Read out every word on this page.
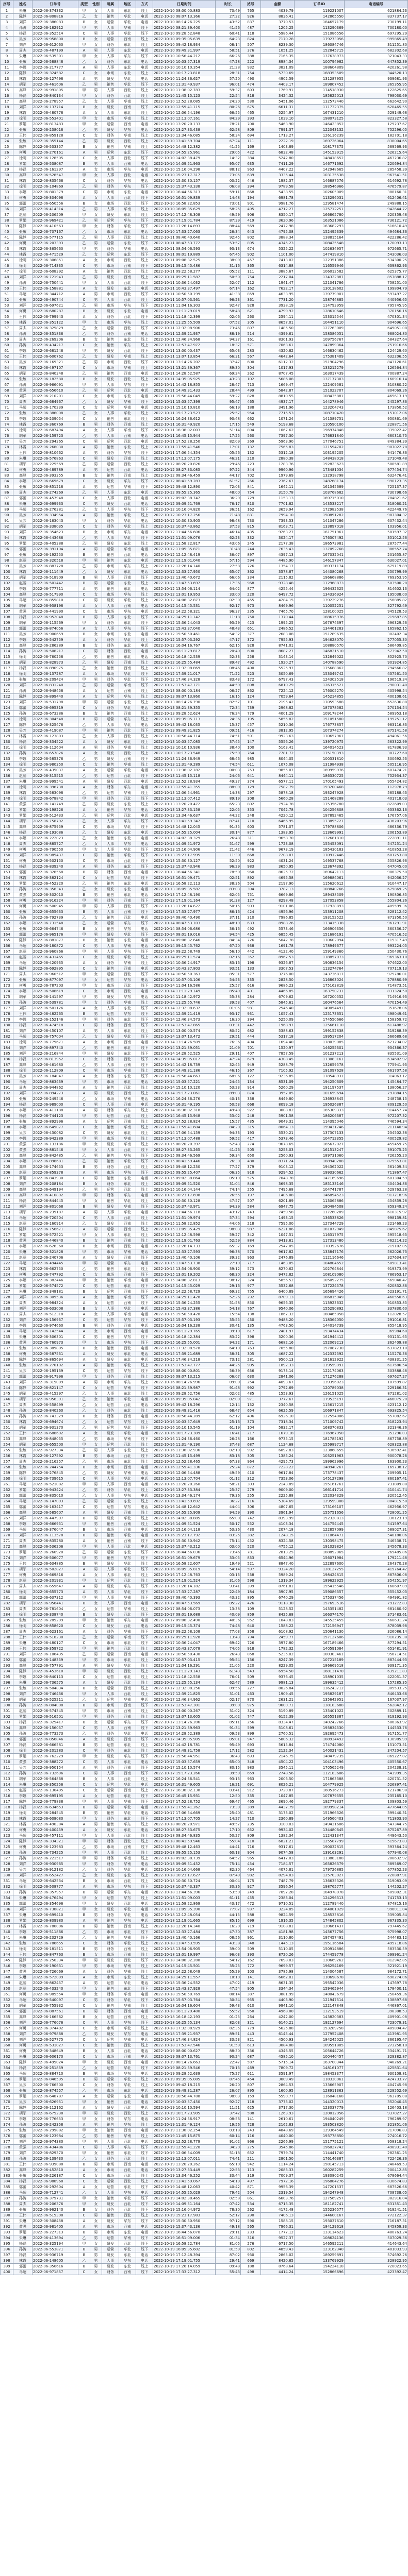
序号	姓名	订单号	类型	性别	所属	地区	方式	日期时间	时长	站号	金额	订单ID	电话编号
1	朱琳	2022-06-374332	甲	女	人事	东北	线上	2022-10-10 08:00:00.883	70:49	765	4039.79	119221007	621884.23
2	陈静	2022-06-808816	乙	女	销售	华北	电话	2022-10-10 08:07:13.366	27:22	926	8836.41	142865550	837737.17
3	刘洋	2022-06-386083	B	女	运营	华北	电话	2022-10-10 08:14:26.225	43:52	837	3770.53	184657179	730199.11
4	孙涛	2022-06-182912	甲	男	人事	华南	线下	2022-10-10 08:21:39.400	41:56	487	1205.25	113290369	700180.00
5	杨磊	2022-06-352514	C	男	人事	华北	线下	2022-10-10 09:28:52.848	60:41	118	5986.44	151086556	697295.29
6	吴芳	2022-06-958800	B	女	运营	西南	线上	2022-10-10 09:35:05.639	64:23	824	7170.28	179273056	995865.49
7	刘洋	2022-06-612060	甲	女	财务	东北	线上	2022-10-10 09:42:18.934	08:14	507	8239.30	186084746	311251.80
8	周杰	2022-06-487199	A	男	人事	东北	电话	2022-10-10 09:49:31.997	58:51	376	1051.25	152845715	682302.68
9	朱琳	2022-06-539301	甲	女	人事	华东	线下	2022-10-10 10:56:44.212	66:26	388	7165.35	137638973	321043.33
10	张敏	2022-06-588848	乙	女	财务	东北	电话	2022-10-10 10:03:57.319	47:28	222	8984.34	100794982	647852.39
11	李娜	2022-06-217777	A	男	人事	东北	电话	2022-10-10 10:10:10.354	21:28	932	3821.09	188604809	420261.98
12	陈静	2022-06-324582	C	女	市场	东北	线上	2022-10-10 10:17:23.818	28:31	754	5730.69	168353509	344520.13
13	林霞	2022-06-127498	A	男	研发	华北	电话	2022-10-10 11:24:36.627	57:20	490	4902.59	131287955	939681.93
14	胡军	2022-06-461606	乙	男	销售	华北	线下	2022-10-10 11:31:49.937	96:01	474	4403.17	189807452	365355.95
15	高峰	2022-06-991805	甲	男	人事	西北	线上	2022-10-10 11:38:02.783	59:37	603	1769.91	174518930	122625.65
16	杨磊	2022-06-840134	甲	女	财务	西北	线上	2022-10-10 11:45:15.123	22:54	818	3424.32	185825013	798030.69
17	高峰	2022-06-278957	乙	女	人事	华南	线上	2022-10-10 12:52:28.085	24:20	530	5451.06	132573440	662642.90
18	刘洋	2022-06-137714	B	女	研发	西南	线下	2022-10-10 12:59:41.115	80:26	675	6611.31	111732375	628465.55
19	林霞	2022-06-480778	A	女	人事	东北	线上	2022-10-10 12:06:54.196	66:55	465	5254.97	167431210	529149.68
20	徐明	2022-06-553401	甲	女	市场	华南	线上	2022-10-10 12:13:07.161	84:29	393	1039.10	198073125	823327.58
21	罗娟	2022-06-813483	甲	女	运营	西南	电话	2022-10-10 13:20:20.133	78:21	700	5463.90	146423852	129237.67
22	张敏	2022-06-238018	乙	男	研发	华东	电话	2022-10-10 13:27:33.438	62:58	809	7991.37	122043132	752296.05
23	王伟	2022-06-859128	C	女	财务	华南	线上	2022-10-10 13:34:46.085	58:34	694	1713.27	126116239	182701.18
24	张敏	2022-06-355144	乙	男	研发	西北	线上	2022-10-10 13:41:59.704	67:24	111	2222.19	169726064	838004.65
25	陈静	2022-06-533357	B	女	销售	华南	线上	2022-10-10 14:48:12.382	41:25	169	1403.89	108177375	569569.93
26	何勇	2022-06-270161	A	男	运营	东北	线下	2022-10-10 14:55:25.961	29:05	422	6832.48	145153915	526215.64
27	徐明	2022-06-128505	C	女	人事	西北	线下	2022-10-10 14:02:38.479	14:32	384	5242.80	148418652	463236.82
28	罗娟	2022-06-538087	B	男	人事	西南	电话	2022-10-10 14:09:51.963	95:07	635	7411.29	146771692	220694.84
29	杨磊	2022-06-161297	A	女	市场	华东	电话	2022-10-10 15:16:04.298	88:12	963	4407.22	142948665	285458.39
30	高峰	2022-06-528547	甲	女	人事	西北	电话	2022-10-10 15:23:17.317	73:05	639	3335.44	103135538	963541.51
31	林霞	2022-06-835466	C	女	财务	华东	电话	2022-10-10 15:30:30.157	00:22	446	1982.37	146887576	614692.78
32	徐明	2022-06-104869	乙	男	财务	华东	线下	2022-10-10 15:37:43.338	06:08	394	9789.58	188546966	476579.87
33	李娜	2022-06-801379	C	男	市场	东北	电话	2022-10-10 16:44:56.313	59:11	668	5438.55	102605009	388160.31
34	何勇	2022-06-304098	A	女	人事	西北	线下	2022-10-10 16:51:09.839	14:48	194	6981.78	113296031	612406.41
35	郭蕾	2022-06-650556	B	女	市场	西北	线下	2022-10-10 16:58:22.853	73:01	901	9981.76	129581474	249888.15
36	刘洋	2022-06-414314	乙	男	人事	华南	线上	2022-10-10 16:05:35.629	58:25	495	4712.27	125712251	942644.72
37	赵丽	2022-06-206509	甲	女	研发	东北	线上	2022-10-10 17:12:48.308	49:59	906	8350.17	166865780	520359.48
38	罗娟	2022-06-969421	乙	男	运营	华东	线下	2022-10-10 17:19:01.784	87:39	419	3620.96	163521086	736121.72
39	陈静	2022-06-410563	甲	女	财务	华北	线下	2022-10-10 17:26:14.893	88:44	569	2472.98	163682293	516610.49
40	张敏	2022-06-707167	乙	女	市场	东北	电话	2022-10-10 17:33:27.063	26:34	643	4795.08	152495339	494684.36
41	陈静	2022-06-577115	乙	男	人事	西北	线上	2022-10-11 08:40:40.640	92:45	802	3888.34	138815164	422286.42
42	何勇	2022-06-203393	乙	男	运营	东北	线下	2022-10-11 08:47:53.772	53:57	895	4345.23	108425548	170093.13
43	林霞	2022-06-365660	甲	男	财务	华南	电话	2022-10-11 08:54:06.593	93:13	674	5325.22	102634957	972665.71
44	林霞	2022-06-471529	乙	女	运营	东北	线下	2022-10-11 08:01:19.889	67:45	902	1101.00	147419810	543036.03
45	徐明	2022-06-306851	A	女	市场	西北	线上	2022-10-11 09:08:32.525	38:09	457	7413.02	122351386	534300.25
46	徐明	2022-06-714335	C	男	市场	西南	线下	2022-10-11 09:15:45.486	31:16	365	6314.88	116559946	639862.93
47	徐明	2022-06-608392	A	女	销售	西北	线上	2022-10-11 09:22:58.277	05:52	111	3885.67	106012582	625375.77
48	刘洋	2022-06-721943	乙	男	研发	西南	线上	2022-10-11 09:29:11.587	50:50	754	2217.04	134322887	857888.17
49	孙涛	2022-06-750441	甲	女	人事	西北	线下	2022-10-11 10:36:24.032	52:07	112	1941.47	121041786	758251.00
50	王伟	2022-06-158881	A	女	研发	东北	电话	2022-10-11 10:43:37.497	67:14	162	7622.17	130138602	199804.79
51	马超	2022-06-344712	A	男	市场	西北	线下	2022-10-11 10:50:50.199	41:38	859	4633.95	139779901	593497.27
52	张敏	2022-06-490744	C	男	人事	西北	线上	2022-10-11 10:57:03.561	96:23	361	7731.20	158744885	440956.65
53	刘洋	2022-06-697621	乙	男	市场	华东	线下	2022-10-11 11:04:16.303	92:47	928	3938.19	114793959	795745.95
54	何勇	2022-06-680287	B	女	研发	东北	电话	2022-10-11 11:11:29.019	58:48	621	4799.92	128610646	370156.16
55	王伟	2022-06-799943	A	女	财务	西北	线下	2022-10-11 11:18:42.399	02:06	260	2594.11	153015544	470301.34
56	林霞	2022-06-351122	甲	女	市场	华东	线上	2022-10-11 11:25:55.509	07:52	305	8657.01	104451110	904696.65
57	周杰	2022-06-325829	乙	女	运营	西北	线下	2022-10-11 12:32:08.906	73:46	807	1485.50	127263009	649051.08
58	孙涛	2022-06-351836	乙	男	财务	西南	电话	2022-10-11 12:39:21.937	88:19	514	4399.61	158386051	968024.80
59	周杰	2022-06-269306	B	女	销售	东北	线上	2022-10-11 12:46:34.968	94:37	161	8301.93	109756767	584327.64
60	孙涛	2022-06-434217	C	女	销售	华东	线上	2022-10-11 12:53:47.972	18:37	571	7063.61	147899364	751916.66
61	李娜	2022-06-681246	甲	男	研发	西北	线下	2022-10-11 13:00:00.437	65:03	283	4320.82	146830462	124429.60
62	王伟	2022-06-600762	乙	女	研发	华南	线上	2022-10-11 13:07:13.854	66:31	567	4642.64	175381409	632206.55
63	吴芳	2022-06-169321	乙	男	市场	西北	线下	2022-10-11 13:14:26.202	37:47	600	6112.32	151904296	843120.61
64	林霞	2022-06-497107	C	女	市场	华南	线上	2022-10-11 13:21:39.367	89:30	304	1017.93	133212279	126564.84
65	胡军	2022-06-840348	乙	男	销售	西南	电话	2022-10-11 14:28:52.587	69:24	262	8707.45	163017439	700887.24
66	张敏	2022-06-182580	B	女	研发	西北	线上	2022-10-11 14:35:05.925	43:23	102	5686.08	137177303	160916.14
67	孙涛	2022-06-966091	甲	男	人事	华东	线下	2022-10-11 14:42:18.855	28:47	713	1669.47	122409581	310880.22
68	黄强	2022-06-656610	乙	男	运营	西北	电话	2022-10-11 14:49:31.433	28:44	499	5842.87	151022707	804069.36
69	刘洋	2022-06-210201	C	女	市场	东北	电话	2022-10-11 15:56:44.049	59:27	828	8810.55	108435881	465613.19
70	周杰	2022-06-684967	乙	女	研发	华南	线下	2022-10-11 15:03:57.399	95:47	465	4937.17	144278946	245297.86
71	马超	2022-06-170239	C	女	运营	华南	电话	2022-10-11 15:10:10.810	66:19	188	3491.96	123204743	173850.52
72	张敏	2022-06-386008	乙	女	人事	华北	线上	2022-10-11 15:17:23.523	25:57	954	7715.53	108710420	151012.06
73	李娜	2022-06-209054	C	女	销售	东北	线上	2022-10-11 16:24:36.612	90:48	662	1071.24	141389751	950861.69
74	林霞	2022-06-360769	B	男	财务	西南	线上	2022-10-11 16:31:49.920	17:15	549	5198.68	110590100	228871.56
75	徐明	2022-06-687494	A	女	人事	华南	线下	2022-10-11 16:38:02.003	51:14	894	1067.62	196974848	339022.42
76	胡军	2022-06-159723	乙	男	人事	西南	电话	2022-10-11 16:45:15.944	17:25	560	7397.30	176831840	660310.75
77	吴芳	2022-06-294365	C	男	运营	西北	电话	2022-10-11 17:52:28.250	82:09	269	5963.90	177046751	849384.39
78	林霞	2022-06-268030	A	男	销售	东北	线上	2022-10-11 17:59:41.546	17:01	132	7565.83	121594702	907022.78
79	王伟	2022-06-810662	A	男	财务	华东	线下	2022-10-11 17:06:54.354	05:56	132	5312.18	103195205	941476.86
80	朱琳	2022-06-576863	C	男	研发	西南	线上	2022-10-11 17:13:07.175	46:21	210	2880.38	148438018	271049.48
81	胡军	2022-06-225569	乙	男	运营	西北	线上	2022-10-12 08:20:20.826	29:46	223	1283.76	192823623	588581.89
82	何勇	2022-06-489789	A	男	运营	西北	电话	2022-10-12 08:27:33.085	97:22	344	9960.96	173481034	977454.74
83	高峰	2022-06-393355	B	女	销售	西南	线上	2022-10-12 08:34:46.459	44:17	702	1979.69	132918798	632476.41
84	李娜	2022-06-669679	C	女	研发	华东	线下	2022-10-12 08:41:59.283	61:57	266	2362.67	148268174	990123.35
85	张敏	2022-06-851218	A	男	运营	华南	线下	2022-10-12 09:48:12.890	72:03	841	1642.11	161345689	725137.37
86	周杰	2022-06-274269	乙	男	人事	东北	电话	2022-10-12 09:55:25.365	48:00	754	3150.78	103768682	730798.66
87	郭蕾	2022-06-457948	C	女	人事	西北	电话	2022-10-12 09:02:38.747	36:29	729	1153.13	169715010	784821.62
88	朱琳	2022-06-699933	C	男	研发	西北	电话	2022-10-12 09:09:51.769	76:17	810	7701.82	143533217	318060.21
89	马超	2022-06-276381	乙	女	人事	华东	线下	2022-10-12 10:16:04.820	36:51	162	3659.94	172983538	422449.76
90	吴芳	2022-06-334954	A	男	销售	华北	线上	2022-10-12 10:23:17.256	71:48	831	7994.10	150891282	987304.32
91	吴芳	2022-06-163043	甲	女	财务	华北	电话	2022-10-12 10:30:30.905	98:48	730	7393.53	141047286	607432.44
92	胡军	2022-06-338035	C	女	财务	华北	线上	2022-10-12 10:37:43.862	37:53	815	8163.71	133897018	103956.01
93	刘洋	2022-06-354623	B	女	市场	华东	电话	2022-10-12 11:44:56.606	46:14	435	9263.27	161751961	581597.32
94	林霞	2022-06-443686	乙	男	人事	华北	线下	2022-10-12 11:51:09.076	62:23	332	3024.17	176307492	351012.56
95	罗娟	2022-06-405388	乙	男	研发	东北	线上	2022-10-12 11:58:22.817	43:06	245	2177.38	186573981	287577.44
96	郭蕾	2022-06-391104	A	男	运营	华南	电话	2022-10-12 11:05:35.871	31:48	244	7635.43	137092768	386552.74
97	张敏	2022-06-192250	B	男	销售	西北	电话	2022-10-12 12:12:48.419	36:07	897	4397.13	167032041	201655.87
98	赵丽	2022-06-320518	甲	男	销售	东北	电话	2022-10-12 12:19:01.040	57:15	594	4485.90	146157347	630027.01
99	吴芳	2022-06-883728	乙	男	市场	华东	线上	2022-10-12 12:26:14.140	27:58	726	1354.17	169331174	679119.89
100	林霞	2022-06-111449	乙	女	研发	东北	电话	2022-10-12 12:33:27.950	65:07	362	3578.87	144080268	250799.99
101	胡军	2022-06-518909	B	男	人事	西南	线下	2022-10-12 13:40:40.672	66:06	334	2115.82	196668886	769353.95
102	赵丽	2022-06-501442	B	男	运营	东北	线上	2022-10-12 13:47:53.697	17:36	968	9328.48	112968873	503500.28
103	李娜	2022-06-777711	A	男	销售	东北	电话	2022-10-12 13:54:06.114	64:02	877	4255.44	196432625	814602.13
104	高峰	2022-06-517990	C	女	市场	华东	线上	2022-10-12 13:01:19.953	33:00	220	6497.72	134336924	195038.00
105	马超	2022-06-855810	C	男	研发	华北	线上	2022-10-12 14:08:32.873	02:30	455	4284.15	139229276	756885.82
106	胡军	2022-06-938198	A	女	人事	西南	电话	2022-10-12 14:15:45.531	92:17	973	8469.96	110052251	327792.49
107	黄强	2022-06-441990	C	女	市场	华东	电话	2022-10-12 14:22:58.321	96:37	235	7465.70	128100025	945128.53
108	杨磊	2022-06-952048	B	男	人事	东北	线下	2022-10-12 14:29:11.142	11:18	750	1370.44	188615976	219687.85
109	胡军	2022-06-115569	甲	女	财务	东北	线下	2022-10-12 15:36:24.043	93:29	423	1995.25	167674397	596329.56
110	郭蕾	2022-06-874056	A	女	人事	华东	线下	2022-10-12 15:43:37.040	48:43	651	2486.52	134461283	165862.15
111	吴芳	2022-06-900659	B	女	市场	东北	电话	2022-10-12 15:50:50.461	54:32	377	2683.08	151289635	302402.34
112	李娜	2022-06-542759	A	女	财务	华北	线上	2022-10-12 15:57:03.292	47:17	372	7955.93	194628070	277055.30
113	高峰	2022-06-286289	B	女	财务	东北	电话	2022-10-12 16:04:16.767	62:15	928	8741.01	108880570	586409.85
114	孙涛	2022-06-508217	C	男	财务	西北	电话	2022-10-12 16:11:29.817	20:40	690	8687.27	146821510	573942.58
115	徐明	2022-06-760258	乙	男	销售	东北	电话	2022-10-12 16:18:42.539	52:33	258	3143.14	132849022	852925.70
116	胡军	2022-06-828973	乙	男	研发	西南	线上	2022-10-12 16:25:55.484	89:47	492	1920.27	140788590	901924.85
117	杨磊	2022-06-890975	乙	女	销售	西南	线上	2022-10-12 17:32:08.869	08:46	400	5525.97	175688862	794566.82
118	徐明	2022-06-137287	A	女	市场	华北	线下	2022-10-12 17:39:21.017	71:22	523	3050.69	153049742	437561.50
119	张敏	2022-06-209424	甲	男	财务	华北	线下	2022-10-12 17:46:34.328	83:43	172	6797.43	124302518	196519.34
120	刘洋	2022-06-831240	乙	男	运营	华南	线下	2022-10-12 17:53:47.171	44:59	898	6810.29	126315521	290031.40
121	孙涛	2022-06-948458	A	女	运营	西南	线上	2022-10-13 08:00:00.184	06:27	862	7224.12	176005270	405998.54
122	陈静	2022-06-899440	A	女	运营	华东	线上	2022-10-13 08:07:13.860	16:15	124	7059.64	145214855	400108.61
123	刘洋	2022-06-531798	甲	男	运营	东北	线上	2022-10-13 08:14:26.790	82:57	101	2195.42	170593588	652636.88
124	郭蕾	2022-06-695319	C	女	财务	华北	电话	2022-10-13 08:21:39.355	72:34	739	2968.82	187078582	270134.54
125	孙涛	2022-06-673286	B	女	销售	西南	线上	2022-10-13 09:28:52.624	76:24	779	4001.29	109178244	589953.18
126	徐明	2022-06-304548	B	男	运营	华东	线上	2022-10-13 09:35:05.113	24:36	195	5855.82	151051580	199251.12
127	陈静	2022-06-325476	乙	男	人事	华北	电话	2022-10-13 09:42:18.035	15:37	457	5210.36	176773857	983116.83
128	吴芳	2022-06-419087	甲	男	销售	西北	线下	2022-10-13 09:49:31.825	09:51	416	3812.95	107374274	875141.58
129	林霞	2022-06-123803	乙	女	人事	西北	线上	2022-10-13 10:56:44.714	74:51	591	9923.63	170657967	494061.56
130	杨磊	2022-06-334522	A	女	研发	东北	线上	2022-10-13 10:03:57.085	37:45	147	5556.26	139720975	563322.99
131	徐明	2022-06-112604	A	男	财务	华南	线上	2022-10-13 10:10:10.936	38:40	100	5163.41	164014523	817836.93
132	孙涛	2022-06-657826	A	女	研发	西北	线上	2022-10-13 10:17:23.548	75:59	764	7781.72	175150393	387727.68
133	李娜	2022-06-585376	乙	男	研发	西南	线下	2022-10-13 11:24:36.949	68:46	985	8044.05	100331810	300692.53
134	徐明	2022-06-980350	C	女	销售	华南	线上	2022-10-13 11:31:49.289	74:54	611	1075.08	131984938	505116.95
135	吴芳	2022-06-435037	A	女	运营	华北	电话	2022-10-13 11:38:02.182	00:03	753	9855.07	169959976	607474.21
136	赵丽	2022-06-315515	乙	男	运营	西北	线下	2022-10-13 11:45:15.118	24:06	641	8444.11	186330725	752934.37
137	朱琳	2022-06-999541	A	男	研发	西北	电话	2022-10-13 12:52:28.934	49:37	374	6577.11	170165493	955424.82
138	徐明	2022-06-396738	A	女	财务	华东	电话	2022-10-13 12:59:41.355	88:09	129	7582.79	193200468	112978.79
139	林霞	2022-06-583098	乙	男	运营	华南	线上	2022-10-13 12:06:54.961	14:38	297	5878.18	193247928	585188.43
140	徐明	2022-06-678842	甲	男	财务	西北	线下	2022-10-13 12:13:07.412	89:19	308	5660.28	151468288	401718.03
141	黄强	2022-06-141749	乙	男	研发	东北	线上	2022-10-13 13:20:20.472	65:23	802	7924.78	175356780	822609.03
142	罗娟	2022-06-198226	A	女	销售	华东	电话	2022-10-13 13:27:33.158	22:05	353	7042.78	104256808	633362.16
143	罗娟	2022-06-512433	乙	男	运营	西北	电话	2022-10-13 13:34:46.637	44:22	248	4220.12	197892465	176757.06
144	胡军	2022-06-758792	乙	女	人事	华东	线下	2022-10-13 13:41:59.347	87:41	710	6466.95	173895727	436203.96
145	高峰	2022-06-875959	C	男	市场	华北	线下	2022-10-13 14:48:12.045	91:35	603	5781.07	179788806	486336.79
146	杨磊	2022-06-193086	乙	女	研发	东北	电话	2022-10-13 14:55:25.004	30:14	877	1383.95	113669991	206153.89
147	李娜	2022-06-222023	乙	女	销售	东北	电话	2022-10-13 14:02:38.329	26:48	311	9658.70	132681810	222891.11
148	周杰	2022-06-885727	乙	女	人事	华东	电话	2022-10-13 14:09:51.972	51:47	599	1723.08	155453091	547251.24
149	何勇	2022-06-790550	甲	女	人事	华北	线下	2022-10-13 15:16:04.906	21:42	446	9673.19	185430183	410853.28
150	刘洋	2022-06-985437	C	男	销售	华北	线下	2022-10-13 15:23:17.995	11:30	668	7208.07	170912446	601253.88
151	何勇	2022-06-502150	C	男	市场	西北	线下	2022-10-13 15:30:30.127	52:50	922	4031.24	149537768	555826.96
152	杨磊	2022-06-839240	A	男	财务	东北	线下	2022-10-13 15:37:43.946	96:29	983	3650.95	123674392	647045.00
153	郭蕾	2022-06-328568	B	男	财务	西南	电话	2022-10-13 16:44:56.341	78:50	960	8625.72	169642113	986375.50
154	林霞	2022-06-382124	C	女	运营	华北	线下	2022-10-13 16:51:09.471	02:51	892	4695.58	169884061	942036.27
155	罗娟	2022-06-452320	乙	男	销售	东北	电话	2022-10-13 16:58:22.113	38:36	504	2197.90	115620612	910447.17
156	孙涛	2022-06-358343	乙	女	研发	东北	电话	2022-10-13 16:05:35.582	83:03	394	3787.13	108840766	679869.25
157	黄强	2022-06-302010	B	男	销售	东北	电话	2022-10-13 17:12:48.190	62:05	751	6669.86	189438509	190806.85
158	何勇	2022-06-916224	甲	男	财务	西南	线下	2022-10-13 17:19:01.164	91:38	127	8298.48	137053858	555804.36
159	何勇	2022-06-500945	甲	男	人事	西北	线下	2022-10-13 17:26:14.622	50:15	903	9101.06	137928893	405599.36
160	张敏	2022-06-655633	B	男	人事	西南	线下	2022-10-13 17:33:27.977	86:16	424	4956.96	153911208	328112.42
161	孙涛	2022-06-792739	乙	女	销售	西北	电话	2022-10-14 08:40:40.490	37:11	310	7986.85	193152522	871350.50
162	李娜	2022-06-731548	乙	女	运营	华东	线下	2022-10-14 08:47:53.103	48:19	633	8988.26	173415338	961291.91
163	张敏	2022-06-664746	B	女	销售	华东	电话	2022-10-14 08:54:06.686	36:16	492	5573.46	166906356	360336.27
164	郭蕾	2022-06-965176	甲	男	研发	华北	线下	2022-10-14 08:01:19.016	94:54	425	6855.45	151686191	470516.52
165	陈静	2022-06-881877	B	女	销售	东北	电话	2022-10-14 09:08:32.646	84:34	726	5042.78	170602094	115317.49
166	马超	2022-06-180872	C	男	人事	华南	电话	2022-10-14 09:15:45.762	67:20	938	1691.78	178949677	993224.05
167	赵丽	2022-06-960866	甲	男	人事	华东	线下	2022-10-14 09:22:58.749	56:10	442	4122.40	159149360	250430.76
168	赵丽	2022-06-431465	C	女	研发	华北	线上	2022-10-14 09:29:11.574	02:16	352	8967.53	118857073	969363.10
169	马超	2022-06-420935	A	女	财务	华南	线上	2022-10-14 10:36:24.917	83:16	198	9326.87	190836154	974622.00
170	陈静	2022-06-692895	C	女	销售	西南	电话	2022-10-14 10:43:37.803	93:51	133	3307.53	113274764	707119.13
171	周杰	2022-06-960512	甲	女	运营	西北	线下	2022-10-14 10:50:50.363	85:31	577	3276.00	143736817	975786.01
172	张敏	2022-06-877097	甲	女	运营	华东	电话	2022-10-14 10:57:03.106	54:53	335	2828.50	116863024	278880.99
173	何勇	2022-06-787203	甲	女	市场	西北	线下	2022-10-14 11:04:16.586	25:57	616	9686.23	175163819	714873.51
174	李娜	2022-06-508619	C	女	市场	西北	电话	2022-10-14 11:11:29.149	85:49	401	4466.85	163750731	831324.50
175	胡军	2022-06-141597	甲	男	研发	华东	电话	2022-10-14 11:18:42.972	55:38	284	6709.62	167200552	714916.93
176	孙涛	2022-06-539781	甲	女	财务	华南	线上	2022-10-14 11:25:55.746	39:53	407	5845.61	160476564	470154.49
177	刘洋	2022-06-501126	A	女	人事	东北	线下	2022-10-14 12:32:08.637	01:05	981	2546.40	149054491	351678.06
178	王伟	2022-06-482265	B	男	运营	华东	线下	2022-10-14 12:39:21.419	93:17	931	1057.43	125173651	498049.61
179	李娜	2022-06-152146	甲	男	财务	东北	线下	2022-10-14 12:46:34.573	16:30	394	5250.09	174550666	158359.72
180	杨磊	2022-06-474518	C	男	财务	西南	线下	2022-10-14 12:53:47.865	03:31	442	1968.97	125661110	617488.97
181	刘洋	2022-06-450107	A	男	人事	东北	线上	2022-10-14 13:00:00.574	80:52	682	5388.63	199152838	319288.39
182	马超	2022-06-757004	乙	女	研发	华北	线下	2022-10-14 13:07:13.472	29:51	444	5317.18	199517204	566689.68
183	徐明	2022-06-779671	A	女	市场	西南	电话	2022-10-14 13:14:26.509	76:36	404	1694.40	178039085	621234.07
184	刘洋	2022-06-897340	乙	男	销售	东北	线下	2022-10-14 13:21:39.051	21:09	701	1520.97	146255301	934366.37
185	刘洋	2022-06-216844	甲	男	研发	东北	线下	2022-10-14 14:28:52.525	29:11	407	7857.59	101237213	835531.09
186	杨磊	2022-06-813952	C	女	财务	西北	线下	2022-10-14 14:35:05.017	47:24	679	4308.45	173083161	634602.97
187	高峰	2022-06-461680	乙	男	人事	西南	线下	2022-10-14 14:42:18.739	32:45	949	5288.79	132659578	775941.93
188	徐明	2022-06-112809	C	男	市场	华南	线上	2022-10-14 14:49:31.186	46:15	367	7105.92	191097628	661707.58
189	吴芳	2022-06-184047	A	女	财务	东北	线下	2022-10-14 15:56:44.663	68:06	122	9236.85	178548931	314063.12
190	马超	2022-06-863439	甲	男	市场	东北	电话	2022-10-14 15:03:57.221	24:45	134	8531.09	194250609	145484.77
191	周杰	2022-06-944862	A	女	销售	西北	线上	2022-10-14 15:10:10.120	53:23	914	5260.29	191197537	138056.27
192	刘洋	2022-06-894273	A	男	研发	西南	线上	2022-10-14 15:17:23.061	89:03	874	3957.05	101659694	797884.15
193	张敏	2022-06-249546	乙	女	市场	华南	电话	2022-10-14 16:24:36.276	40:13	338	8449.80	136938845	248738.15
194	杨磊	2022-06-989000	C	男	人事	西南	电话	2022-10-14 16:31:49.195	50:53	668	8099.18	195026387	809129.50
195	李娜	2022-06-411188	A	男	财务	华东	线上	2022-10-14 16:38:02.318	49:48	922	3008.82	165309333	914457.74
196	杨磊	2022-06-744123	甲	男	运营	西北	线上	2022-10-14 16:45:15.948	53:02	248	5901.58	186206387	972207.32
197	张敏	2022-06-892996	A	女	运营	西南	线上	2022-10-14 17:52:28.824	15:57	435	9049.31	114395046	746594.34
198	李娜	2022-06-649077	C	女	销售	华南	线上	2022-10-14 17:59:41.604	84:20	315	8064.13	159431746	211140.94
199	吴芳	2022-06-430082	C	男	研发	东北	线上	2022-10-14 17:06:54.159	94:33	193	3530.21	137307133	234502.38
200	李娜	2022-06-942389	甲	男	市场	华南	线上	2022-10-14 17:13:07.488	59:52	417	5373.46	104712355	400529.82
201	黄强	2022-06-133186	甲	女	研发	华南	线上	2022-10-15 08:20:20.397	52:43	274	9678.65	165672027	455459.75
202	黄强	2022-06-881546	甲	女	人事	西北	线下	2022-10-15 08:27:33.265	41:26	505	3253.03	161513247	391075.25
203	高峰	2022-06-842485	乙	男	销售	华东	线下	2022-10-15 08:34:46.569	59:34	650	2560.93	189731060	726255.20
204	李娜	2022-06-898681	乙	男	销售	华北	线下	2022-10-15 08:41:59.446	26:30	480	8371.24	188940288	879553.81
205	高峰	2022-06-174653	B	男	财务	西北	线上	2022-10-15 09:48:12.230	77:27	379	9103.12	194362022	561409.34
206	赵丽	2022-06-859378	A	男	市场	华东	线下	2022-10-15 09:55:25.407	06:35	918	9294.52	199330662	711867.47
207	罗娟	2022-06-843930	C	男	销售	东北	电话	2022-10-15 09:02:38.864	05:19	575	7048.78	147169696	601304.59
208	刘洋	2022-06-208184	B	女	财务	东北	线上	2022-10-15 09:09:51.520	31:04	846	3698.35	185133146	404404.86
209	高峰	2022-06-649194	乙	男	运营	西北	线上	2022-10-15 10:16:04.144	74:14	255	7495.68	104741787	529763.28
210	高峰	2022-06-410892	甲	男	财务	华东	电话	2022-10-15 10:23:17.698	26:55	197	1406.08	146894523	917218.96
211	杨磊	2022-06-844445	甲	女	销售	华北	线上	2022-10-15 10:30:30.128	47:57	507	6201.89	113065886	454859.28
212	刘洋	2022-06-801068	B	男	研发	华南	线下	2022-10-15 10:37:43.971	94:39	584	6947.75	180484508	859349.24
213	胡军	2022-06-239187	A	男	人事	华北	电话	2022-10-15 11:44:56.118	43:12	743	7459.58	117260289	610315.97
214	马超	2022-06-720504	C	男	人事	西北	线上	2022-10-15 11:51:09.974	57:34	594	1493.15	136533826	998139.81
215	赵丽	2022-06-160914	乙	女	研发	西南	线上	2022-10-15 11:58:22.852	44:06	218	7595.00	127344729	221469.23
216	陈静	2022-06-756671	A	男	运营	西南	线上	2022-10-15 11:05:35.429	98:03	987	6221.86	181072949	845875.62
217	罗娟	2022-06-572521	甲	女	人事	东北	线上	2022-10-15 12:12:48.598	59:27	342	1047.51	116317975	595518.63
218	黄强	2022-06-446840	B	女	销售	西南	线上	2022-10-15 12:19:01.763	52:59	884	9413.61	117313480	462214.22
219	李娜	2022-06-626360	B	女	市场	西北	电话	2022-10-15 12:26:14.733	65:37	169	2547.05	170392676	219102.05
220	朱琳	2022-06-321828	甲	男	市场	华南	电话	2022-10-15 12:33:27.593	96:38	570	9617.82	133847176	562026.73
221	赵丽	2022-06-240706	A	女	研发	西南	线下	2022-10-15 13:40:40.106	39:32	963	2476.89	112116646	327634.87
222	马超	2022-06-494445	甲	男	运营	华东	电话	2022-10-15 13:47:53.738	27:19	717	1463.05	104804652	589813.41
223	林霞	2022-06-662750	乙	男	销售	东北	线上	2022-10-15 13:54:06.900	39:12	573	8270.62	102764844	919373.99
224	何勇	2022-06-747792	C	女	市场	西南	线下	2022-10-15 13:01:19.202	68:30	324	9472.82	108109080	786953.17
225	李娜	2022-06-382446	甲	女	销售	华南	电话	2022-10-15 14:08:32.813	98:12	324	5856.52	105092275	565040.47
226	罗娟	2022-06-574572	C	男	运营	东北	线下	2022-10-15 14:15:45.029	29:16	977	3532.68	137224578	620832.86
227	朱琳	2022-06-348181	B	女	运营	西南	线下	2022-10-15 14:22:58.729	69:32	755	6400.89	165694426	523191.71
228	刘洋	2022-06-309536	A	女	销售	华南	线下	2022-10-15 14:29:11.428	52:26	292	8709.13	186815049	460550.63
229	周杰	2022-06-984324	A	女	运营	西南	线下	2022-10-15 15:36:24.255	51:58	850	9656.35	113923632	910853.85
230	刘洋	2022-06-633008	B	女	人事	华北	电话	2022-10-15 15:43:37.386	54:18	767	9540.06	155290892	337830.60
231	周杰	2022-06-512318	A	女	人事	华南	电话	2022-10-15 15:50:50.428	15:54	138	1867.32	180465858	112028.57
232	刘洋	2022-06-156937	C	男	运营	华东	线下	2022-10-15 15:57:03.193	35:55	430	9488.20	118364050	291016.81
233	李娜	2022-06-974660	B	男	财务	西南	电话	2022-10-15 16:04:16.238	30:41	135	4763.50	144014739	855418.95
234	马超	2022-06-142544	A	女	市场	西南	电话	2022-10-15 16:11:29.765	39:10	617	2481.97	193474434	369984.68
235	朱琳	2022-06-306301	C	男	销售	华东	线下	2022-10-15 16:18:42.384	83:22	398	3200.36	161944412	931231.65
236	黄强	2022-06-760973	甲	女	市场	华东	线下	2022-10-15 16:25:55.001	94:22	171	6682.16	152069213	362409.88
237	张敏	2022-06-389805	B	女	销售	西北	电话	2022-10-15 17:32:08.578	64:10	763	7055.80	157087730	637823.10
238	何勇	2022-06-587531	A	女	研发	东北	电话	2022-10-15 17:39:21.689	38:31	305	4687.22	142332592	115270.36
239	陈静	2022-06-865694	A	女	研发	东北	电话	2022-10-15 17:46:34.218	73:12	281	9500.13	181612922	438331.25
240	张敏	2022-06-270192	A	男	销售	华北	线上	2022-10-15 17:53:47.777	44:25	905	1892.33	119559991	617586.54
241	吴芳	2022-06-195139	C	男	运营	华东	线下	2022-10-16 08:00:00.801	56:39	636	9173.14	122174063	303888.48
242	郭蕾	2022-06-917996	甲	女	财务	西南	线上	2022-10-16 08:07:13.215	06:07	630	2841.06	171276288	697627.27
243	刘洋	2022-06-315009	A	男	市场	华东	线上	2022-10-16 08:14:26.996	09:00	254	4093.67	139396023	107599.87
244	陈静	2022-06-821147	C	女	运营	华南	线下	2022-10-16 08:21:39.987	91:48	992	2792.69	120789038	229166.31
245	胡军	2022-06-415297	乙	女	人事	东北	线上	2022-10-16 09:28:52.756	02:02	485	1553.93	126151025	871281.02
246	胡军	2022-06-956391	乙	女	销售	华北	电话	2022-10-16 09:35:05.042	02:09	971	3772.67	179535197	466075.20
247	周杰	2022-06-558499	乙	女	运营	西北	电话	2022-10-16 09:42:18.296	12:14	132	2340.58	115617215	423112.12
248	孙涛	2022-06-840260	乙	女	财务	东北	线上	2022-10-16 09:49:31.416	68:47	654	6625.59	106971847	693825.54
249	孙涛	2022-06-743329	B	女	财务	西南	电话	2022-10-16 10:56:44.289	62:12	406	6926.10	122554006	557082.67
250	林霞	2022-06-694674	乙	女	运营	华东	线上	2022-10-16 10:03:57.649	25:16	373	7318.34	171009742	818223.94
251	胡军	2022-06-931370	乙	男	运营	华北	线下	2022-10-16 10:10:10.545	61:19	104	5832.17	168370833	321346.36
252	王伟	2022-06-688692	A	女	研发	华北	电话	2022-10-16 10:17:23.309	16:41	217	1679.18	176967950	353296.03
253	高峰	2022-06-848055	乙	男	市场	华南	线下	2022-10-16 11:24:36.460	26:28	166	9735.15	181785192	867758.89
254	胡军	2022-06-655500	甲	女	运营	西北	线上	2022-10-16 11:31:49.190	37:43	687	1124.68	155989717	628323.88
255	张敏	2022-06-927334	乙	男	人事	东北	线上	2022-10-16 11:38:02.936	02:10	992	6092.83	123868655	536592.41
256	林霞	2022-06-127592	B	男	市场	西北	线下	2022-10-16 11:45:15.499	83:18	305	1385.24	103251963	900078.26
257	周杰	2022-06-216257	乙	男	市场	东北	线上	2022-10-16 12:52:28.465	67:33	964	4295.73	199962996	163900.23
258	张敏	2022-06-244754	B	女	市场	西南	电话	2022-10-16 12:59:41.336	25:24	872	7228.22	148940267	169738.12
259	陈静	2022-06-276845	乙	男	研发	华南	电话	2022-10-16 12:06:54.488	49:59	410	9617.84	173778437	209905.11
260	徐明	2022-06-739615	C	男	人事	华北	电话	2022-10-16 12:13:07.704	01:12	312	7353.06	145127298	860167.41
261	马超	2022-06-521082	甲	男	人事	西南	电话	2022-10-16 13:20:20.260	58:21	303	2143.89	155161761	731809.88
262	罗娟	2022-06-943424	乙	男	财务	华北	线上	2022-10-16 13:27:33.384	25:37	279	9009.00	166141714	410441.74
263	郭蕾	2022-06-835010	乙	女	人事	华东	电话	2022-10-16 13:34:46.174	79:36	255	2225.88	152034329	320512.45
264	马超	2022-06-147093	乙	男	运营	东北	线上	2022-10-16 13:41:59.692	36:27	116	5384.69	129599308	884815.58
265	郭蕾	2022-06-163417	C	男	运营	华东	电话	2022-10-16 14:48:12.642	44:04	306	4807.65	173166107	462956.97
266	高峰	2022-06-585607	A	男	研发	西南	线上	2022-10-16 14:55:25.909	94:59	390	3961.94	155751656	728001.25
267	刘洋	2022-06-447997	B	男	研发	华北	线上	2022-10-16 14:02:38.885	65:00	742	8393.99	152320813	336123.19
268	李娜	2022-06-666951	甲	男	销售	西南	线上	2022-10-16 14:09:51.524	50:17	552	4103.34	144754445	541597.64
269	马超	2022-06-376047	B	女	市场	西南	电话	2022-10-16 15:16:04.118	53:36	430	2074.18	122857099	589027.31
270	刘洋	2022-06-113578	B	男	销售	华北	电话	2022-10-16 15:23:17.792	83:25	382	1248.15	171064471	540180.06
271	周杰	2022-06-835280	A	女	销售	西南	线下	2022-10-16 15:30:30.942	75:14	452	8324.58	130398475	346538.71
272	高峰	2022-06-536206	甲	男	人事	西北	电话	2022-10-16 15:37:43.212	03:00	520	4755.12	191029824	345678.33
273	罗娟	2022-06-260920	乙	男	运营	东北	线下	2022-10-16 16:44:56.036	73:46	781	2813.25	188892065	269485.86
274	刘洋	2022-06-506077	甲	男	销售	华东	线下	2022-10-16 16:51:09.679	33:05	833	6544.96	156071984	179211.48
275	王伟	2022-06-634885	B	男	研发	华北	线上	2022-10-16 16:58:22.607	19:49	521	8847.40	122897600	264370.28
276	胡军	2022-06-502827	A	男	人事	华北	线下	2022-10-16 16:05:35.819	54:14	597	9324.20	128127255	419764.42
277	何勇	2022-06-669816	A	女	人事	东北	线上	2022-10-16 17:12:48.763	03:13	538	5989.24	198424815	887806.08
278	赵丽	2022-06-201931	甲	女	运营	西北	线上	2022-10-16 17:19:01.524	31:06	598	1319.34	189622925	354251.97
279	周杰	2022-06-659647	A	男	研发	华东	线下	2022-10-16 17:26:14.182	93:41	399	8761.81	155415546	168607.09
280	徐明	2022-06-655773	A	男	人事	华北	线下	2022-10-16 17:33:27.287	22:49	184	3907.95	159086357	355452.03
281	郭蕾	2022-06-637312	甲	男	人事	华南	线下	2022-10-17 08:40:40.393	43:32	895	6740.29	175337456	494991.82
282	胡军	2022-06-956441	B	女	人事	西南	电话	2022-10-17 08:47:53.569	05:22	426	9118.30	157693516	791272.83
283	周杰	2022-06-781604	乙	女	运营	华南	线上	2022-10-17 08:54:06.073	13:38	109	5128.52	143351482	681460.92
284	徐明	2022-06-338740	B	女	研发	西北	线下	2022-10-17 08:01:19.688	40:09	859	8425.68	166374170	371483.61
285	张敏	2022-06-285299	甲	女	销售	华东	电话	2022-10-17 09:08:32.490	40:36	952	1048.83	145525455	568631.24
286	徐明	2022-06-858620	C	女	研发	西北	电话	2022-10-17 09:15:45.374	74:48	640	1588.22	172156947	878039.98
287	周杰	2022-06-623161	A	女	财务	华南	线下	2022-10-17 09:22:58.108	77:03	358	6108.92	150641130	326086.14
288	王伟	2022-06-518230	乙	女	运营	华南	线下	2022-10-17 09:29:11.928	13:43	794	2459.77	157127606	910235.38
289	朱琳	2022-06-480127	C	女	市场	东北	线下	2022-10-17 10:36:24.047	69:42	726	3977.80	167189466	877294.51
290	王伟	2022-06-359722	甲	男	销售	西北	线上	2022-10-17 10:43:37.078	74:05	918	1782.32	140591084	651481.91
291	刘洋	2022-06-106435	乙	男	运营	西南	电话	2022-10-17 10:50:50.430	26:43	858	5235.02	100303461	956714.51
292	郭蕾	2022-06-148359	甲	男	市场	东北	线上	2022-10-17 10:57:03.415	95:54	136	8247.39	107215189	887444.93
293	高峰	2022-06-757791	A	男	研发	华北	线上	2022-10-17 11:04:16.291	21:05	220	8229.05	186669518	939171.35
294	陈静	2022-06-453610	甲	男	研发	西北	线上	2022-10-17 11:11:29.143	61:43	543	6954.50	168131470	639211.83
295	李娜	2022-06-840113	C	女	运营	东北	线上	2022-10-17 11:18:42.558	76:01	509	9376.45	158901035	422051.37
296	朱琳	2022-06-736575	A	女	研发	西北	线上	2022-10-17 11:25:55.134	62:47	589	9981.13	199635412	157285.35
297	张敏	2022-06-504834	B	女	运营	西南	线上	2022-10-17 12:32:08.256	09:56	227	8026.84	136243712	305533.25
298	刘洋	2022-06-746436	甲	女	人事	西北	线上	2022-10-17 12:39:21.825	31:01	463	1909.45	195829187	846433.66
299	胡军	2022-06-525211	乙	女	运营	华南	电话	2022-10-17 12:46:34.962	02:17	870	2631.21	135642951	167037.97
300	孙涛	2022-06-804008	B	男	市场	西南	线下	2022-10-17 12:53:47.301	39:00	975	9600.71	138183688	562842.12
301	赵丽	2022-06-574345	甲	男	市场	西南	线上	2022-10-17 13:00:00.267	31:02	324	5190.89	135401022	502889.11
302	罗娟	2022-06-516501	甲	男	财务	西南	线上	2022-10-17 13:07:13.605	01:02	747	6152.39	165551387	819192.93
303	杨磊	2022-06-325417	B	女	运营	华东	线下	2022-10-17 13:14:26.206	85:11	256	8334.47	140242766	586363.92
304	高峰	2022-06-156057	C	男	人事	西南	线下	2022-10-17 13:21:39.963	91:34	599	5108.61	193834530	144533.76
305	孙涛	2022-06-773273	乙	男	财务	华北	电话	2022-10-17 14:28:52.389	09:53	899	2760.51	192695473	917151.77
306	郭蕾	2022-06-856846	A	女	研发	西南	线下	2022-10-17 14:35:05.905	05:01	947	5806.32	188934492	130985.99
307	杨磊	2022-06-666581	B	男	运营	东北	线上	2022-10-17 14:42:18.781	95:49	693	5615.84	174744080	151073.51
308	徐明	2022-06-201283	C	男	财务	东北	线上	2022-10-17 14:49:31.758	17:12	582	2122.34	140021431	347204.57
309	罗娟	2022-06-762229	甲	女	研发	华东	线下	2022-10-17 15:56:44.951	36:43	693	2146.75	148479735	869227.02
310	黄强	2022-06-388272	C	男	人事	东北	电话	2022-10-17 15:03:57.659	65:00	348	4504.22	104103496	405550.67
311	吴芳	2022-06-950154	A	男	财务	西南	线下	2022-10-17 15:10:10.574	80:15	983	3545.11	170565249	204238.31
312	孙涛	2022-06-732696	C	男	人事	西南	线下	2022-10-17 15:17:23.266	39:59	659	2748.56	112183606	543999.35
313	胡军	2022-06-564868	B	女	人事	西北	线上	2022-10-17 16:24:36.541	93:13	963	2006.50	171863388	420731.52
314	朱琳	2022-06-350256	C	女	运营	华北	电话	2022-10-17 16:31:49.605	16:21	691	8026.21	104779925	526897.41
315	赵丽	2022-06-130405	C	女	运营	西南	线上	2022-10-17 16:38:02.138	03:41	912	3720.87	160516273	121786.98
316	李娜	2022-06-695195	A	女	运营	东北	线下	2022-10-17 16:45:15.931	12:50	335	1047.85	107879555	235165.10
317	陈静	2022-06-779838	甲	男	人事	华南	线下	2022-10-17 17:52:28.752	69:47	465	3690.46	192779337	109803.59
318	杨磊	2022-06-634653	B	男	运营	华北	电话	2022-10-17 17:59:41.262	73:39	389	4437.79	109998214	477644.05
319	徐明	2022-06-284545	B	男	销售	华北	电话	2022-10-17 17:06:54.669	25:40	481	3173.02	151966326	399440.31
320	林霞	2022-06-608080	甲	女	财务	东北	线下	2022-10-17 17:13:07.705	14:27	710	2360.89	149560403	711803.90
321	林霞	2022-06-490384	A	男	销售	华东	线上	2022-10-18 08:20:20.971	49:57	235	3100.03	149431606	547344.75
322	何勇	2022-06-400459	A	女	研发	东北	电话	2022-10-18 08:27:33.675	17:10	652	9934.02	134480645	875267.89
323	马超	2022-06-457111	甲	女	人事	西北	线上	2022-10-18 08:34:46.835	50:27	809	1382.34	112431347	449643.50
324	陈静	2022-06-334321	甲	男	财务	西北	线上	2022-10-18 08:41:59.946	55:04	210	6821.21	125587799	515673.83
325	何勇	2022-06-123983	乙	男	市场	西南	线下	2022-10-18 09:48:12.463	44:41	716	9317.61	190032815	393364.24
326	孙涛	2022-06-734225	甲	男	人事	西北	线上	2022-10-18 09:55:25.153	60:13	904	9074.58	139163291	677940.08
327	孙涛	2022-06-221517	甲	男	财务	华南	线上	2022-10-18 09:02:38.739	64:52	965	6417.03	113883188	208632.92
328	刘洋	2022-06-930965	甲	男	财务	华南	电话	2022-10-18 09:09:51.452	75:14	454	7184.57	165826379	389569.07
329	吴芳	2022-06-912182	乙	女	财务	华北	电话	2022-10-18 10:16:04.668	82:30	464	4075.81	179726885	677852.23
330	刘洋	2022-06-652427	乙	女	研发	东北	线上	2022-10-18 10:23:17.627	87:49	982	8294.03	125703027	720887.91
331	马超	2022-06-642534	B	女	市场	西北	线上	2022-10-18 10:30:30.724	00:04	175	7487.79	136635326	319083.09
332	徐明	2022-06-508777	A	男	市场	华东	线下	2022-10-18 10:37:43.337	30:36	927	3596.54	198765777	144202.27
333	孙涛	2022-06-357957	B	男	运营	华东	电话	2022-10-18 11:44:56.396	53:50	249	7097.28	184978078	509802.31
334	朱琳	2022-06-476494	甲	女	运营	华东	线上	2022-10-18 11:51:09.003	61:11	455	2383.04	124296313	741753.13
335	郭蕾	2022-06-354696	甲	女	研发	西北	电话	2022-10-18 11:58:22.869	43:17	472	9710.51	112789440	874815.16
336	刘洋	2022-06-738821	甲	女	研发	华北	电话	2022-10-18 11:05:35.390	77:07	937	3224.85	164001929	996011.04
337	朱琳	2022-06-699410	B	男	财务	华北	电话	2022-10-18 12:12:48.054	44:15	588	9824.59	128533816	339005.84
338	罗娟	2022-06-809980	A	男	销售	华东	电话	2022-10-18 12:19:01.665	85:15	699	1916.35	174845802	967335.30
339	林霞	2022-06-780006	B	男	销售	西南	线上	2022-10-18 12:26:14.340	16:20	719	9108.81	120661437	797445.62
340	李娜	2022-06-511866	乙	男	市场	东北	线下	2022-10-18 12:33:27.484	47:30	387	4181.98	145677756	975998.07
341	朱琳	2022-06-232729	乙	女	销售	华南	线下	2022-10-18 13:40:40.166	08:56	961	3110.80	197457491	544483.12
342	张敏	2022-06-786655	C	女	财务	华北	线上	2022-10-18 13:47:53.595	43:38	348	1445.13	195116584	495718.86
343	徐明	2022-06-181511	B	男	财务	西南	线上	2022-10-18 13:54:06.905	39:00	509	5110.05	150914886	583530.59
344	王伟	2022-06-847763	B	女	市场	西南	线上	2022-10-18 13:01:19.997	96:03	393	8720.26	174459778	599961.24
345	陈静	2022-06-250334	甲	男	研发	西北	线下	2022-10-18 14:08:32.288	54:12	162	7698.03	130669262	812942.85
346	李娜	2022-06-190631	甲	男	市场	华南	线上	2022-10-18 14:15:45.501	35:25	772	9699.57	196254169	321921.19
347	黄强	2022-06-726069	A	女	财务	华南	线上	2022-10-18 14:22:58.049	55:29	103	3785.98	114004587	984172.71
348	朱琳	2022-06-572099	A	女	市场	东北	线上	2022-10-18 14:29:11.557	10:10	141	6662.01	110698678	690274.06
349	赵丽	2022-06-862457	A	男	运营	华北	电话	2022-10-18 15:36:24.552	47:02	419	8631.35	195542036	147697.78
350	赵丽	2022-06-433240	甲	女	销售	东北	线下	2022-10-18 15:43:37.928	47:54	905	3344.34	159465944	178400.11
351	何勇	2022-06-985554	甲	女	财务	华南	电话	2022-10-18 15:50:50.769	80:14	387	3881.99	148043679	250459.36
352	马超	2022-06-540097	C	男	财务	华北	线下	2022-10-18 15:57:03.764	30:34	955	4403.90	121947514	138897.68
353	胡军	2022-06-755932	C	女	销售	华南	线上	2022-10-18 16:04:16.604	59:43	610	9941.10	122147848	446867.01
354	郭蕾	2022-06-887561	B	男	财务	西南	电话	2022-10-18 16:11:29.480	55:52	950	4968.00	132193519	398308.53
355	高峰	2022-06-166562	B	女	运营	西南	线上	2022-10-18 16:18:42.193	01:25	264	4242.00	143820383	409901.08
356	刘洋	2022-06-776076	C	男	人事	华东	线下	2022-10-18 16:25:55.134	82:03	321	6140.21	192127694	723079.31
357	何勇	2022-06-374402	C	女	市场	华北	线上	2022-10-18 17:32:08.929	82:35	779	5625.88	153289758	409894.47
358	刘洋	2022-06-979868	乙	男	研发	华东	电话	2022-10-18 17:39:21.937	89:51	443	6145.44	127952408	413981.95
359	刘洋	2022-06-527775	C	女	运营	华南	电话	2022-10-18 17:46:34.824	33:53	821	4500.93	184245025	366195.47
360	何勇	2022-06-531027	C	女	销售	西北	线上	2022-10-18 17:53:47.546	91:59	613	3084.08	109551805	273258.10
361	何勇	2022-06-348649	B	女	人事	西北	电话	2022-10-19 08:00:00.627	88:30	336	4346.55	105644726	334491.71
362	朱琳	2022-06-606170	C	女	市场	西南	电话	2022-10-19 08:07:13.761	90:24	687	4585.10	100440457	329382.87
363	陈静	2022-06-495024	甲	女	研发	西南	电话	2022-10-19 08:14:26.663	22:47	587	5715.14	163700344	948269.21
364	杨磊	2022-06-251859	乙	女	运营	华北	线下	2022-10-19 08:21:39.546	70:13	469	7809.72	148161077	425831.64
365	马超	2022-06-884710	B	男	市场	华东	电话	2022-10-19 09:28:52.639	75:27	611	3591.97	198453377	930108.81
366	罗娟	2022-06-846595	B	男	运营	华北	线上	2022-10-19 09:35:05.085	87:45	454	3009.49	118330061	424733.77
367	吴芳	2022-06-766500	C	女	财务	华北	线上	2022-10-19 09:42:18.215	26:20	807	2864.53	133665907	404745.98
368	张敏	2022-06-874557	乙	男	市场	东北	电话	2022-10-19 09:49:31.287	26:07	895	1600.95	128911363	229552.69
369	罗娟	2022-06-648787	A	女	运营	东北	电话	2022-10-19 10:56:44.788	98:03	159	5590.77	116048168	963705.08
370	吴芳	2022-06-626951	甲	女	销售	西北	电话	2022-10-19 10:03:57.450	92:27	118	3773.02	144320013	352040.45
371	陈静	2022-06-112162	A	女	研发	西北	电话	2022-10-19 10:10:10.594	11:51	625	3717.30	123037779	126403.18
372	胡军	2022-06-675238	甲	男	研发	西北	线上	2022-10-19 10:17:23.905	37:42	588	1263.93	120012056	937027.27
373	李娜	2022-06-776653	甲	女	财务	华东	电话	2022-10-19 11:24:36.917	08:56	141	2610.61	194040249	796289.97
374	孙涛	2022-06-242358	A	男	销售	华东	线上	2022-10-19 11:31:49.124	19:56	728	2162.83	193503820	321851.06
375	张敏	2022-06-299882	甲	女	销售	西南	电话	2022-10-19 11:38:02.254	03:18	243	4848.69	129364549	217096.83
376	郭蕾	2022-06-123984	乙	男	销售	华南	线上	2022-10-19 11:45:15.875	60:14	116	4040.00	193778850	274016.72
377	刘洋	2022-06-974380	甲	男	人事	西北	电话	2022-10-19 12:52:28.779	91:02	966	2266.99	151775121	958318.24
378	黄强	2022-06-434486	C	男	人事	华东	线下	2022-10-19 12:59:41.220	34:20	275	3545.86	196027742	498931.40
379	刘洋	2022-06-829370	甲	女	销售	东北	线下	2022-10-19 12:06:54.009	51:18	652	7979.74	114441740	282361.25
380	孙涛	2022-06-139430	乙	女	财务	西北	线上	2022-10-19 12:13:07.011	74:41	211	2801.50	176146387	722426.36
381	王伟	2022-06-939088	B	男	市场	西南	电话	2022-10-19 13:20:20.262	65:10	942	1114.24	158145713	248469.53
382	高峰	2022-06-452810	A	女	市场	西北	电话	2022-10-19 13:27:33.449	22:53	113	2083.33	160282259	200412.85
383	张敏	2022-06-226187	C	女	市场	西北	线上	2022-10-19 13:34:46.252	33:44	319	7009.37	193080245	678664.44
384	杨磊	2022-06-988968	C	女	运营	西北	线上	2022-10-19 13:41:59.067	54:19	497	7972.16	196884276	830674.83
385	郭蕾	2022-06-292604	A	女	运营	东北	线下	2022-10-19 14:48:12.063	40:42	871	9956.39	147201537	687526.66
386	马超	2022-06-712741	乙	女	人事	华东	电话	2022-10-19 14:55:25.029	79:42	504	2319.54	194247948	708738.05
387	孙涛	2022-06-379731	甲	女	销售	华北	线下	2022-10-19 14:02:38.465	02:58	861	6603.76	127569257	382916.04
388	周杰	2022-06-206376	甲	女	研发	西北	线下	2022-10-19 14:09:51.164	07:42	534	6713.35	181182741	631351.43
389	张敏	2022-06-962140	B	女	财务	西北	线下	2022-10-19 15:16:04.972	78:30	262	4172.48	155236577	919241.51
390	王伟	2022-06-515308	C	男	销售	西北	线上	2022-10-19 15:23:17.983	52:17	290	7406.13	144600167	772122.37
391	朱琳	2022-06-308458	A	女	研发	华东	线下	2022-10-19 15:30:30.950	97:12	590	1588.15	193037610	716187.31
392	黄强	2022-06-981405	A	男	市场	西南	电话	2022-10-19 15:37:43.136	49:18	565	7966.31	184129618	845859.33
393	罗娟	2022-06-227313	B	男	市场	东北	电话	2022-10-19 16:44:56.070	29:11	233	1777.12	133114623	480763.24
394	朱琳	2022-06-413694	乙	男	运营	华南	线下	2022-10-19 16:51:09.006	01:34	316	9527.37	108624136	507029.36
395	杨磊	2022-06-325194	甲	女	研发	西北	线下	2022-10-19 16:58:22.784	81:05	276	6717.50	146592211	414643.64
396	孙涛	2022-06-553871	B	男	运营	华北	线下	2022-10-19 16:05:35.602	81:59	802	4859.43	123162340	401033.93
397	杨磊	2022-06-936719	B	男	研发	东北	电话	2022-10-19 17:12:48.394	87:02	930	2865.02	189259891	574692.26
398	林霞	2022-06-148605	乙	男	人事	华东	电话	2022-10-19 17:19:01.755	29:41	669	8420.65	133769929	328922.95
399	郭蕾	2022-06-350616	B	男	研发	东北	线上	2022-10-19 17:26:14.059	09:48	188	8768.64	194224118	720023.65
400	马超	2022-06-971857	C	女	财务	西南	线下	2022-10-19 17:33:27.312	55:43	498	4414.24	152866696	423392.47
